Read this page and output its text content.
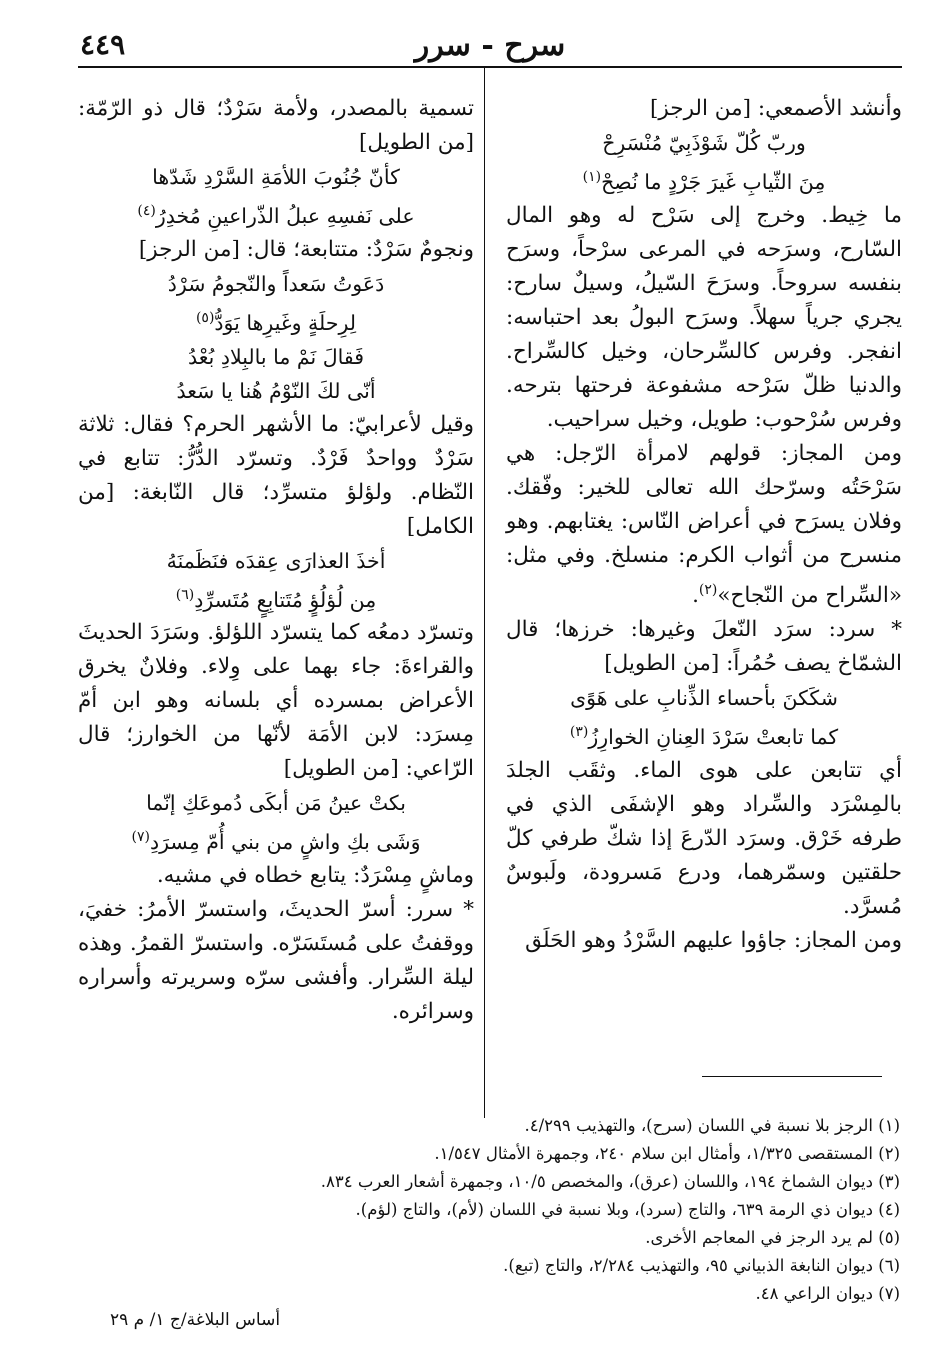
سرح - سرر
٤٤٩

وأنشد الأصمعي: [من الرجز]

وربّ كُلّ شَوْذَبِيّ مُنْسَرِحْ

مِنَ الثّيابِ غَيرَ جَرْدٍ ما نُصِحْ$^{(١)}$

ما خِيط. وخرج إلى سَرْح له وهو المال السّارح، وسرَحه في المرعى سرْحاً، وسرَح بنفسه سروحاً. وسرَحَ السّيلُ، وسيلٌ سارح: يجري جرياً سهلاً. وسرَح البولُ بعد احتباسه: انفجر. وفرس كالسِّرحان، وخيل كالسِّراح. والدنيا ظلّ سَرْحه مشفوعة فرحتها بترحه. وفرس سُرْحوب: طويل، وخيل سراحيب.

ومن المجاز: قولهم لامرأة الرّجل: هي سَرْحَتُه وسرّحك الله تعالى للخير: وفّقك. وفلان يسرَح في أعراض النّاس: يغتابهم. وهو منسرح من أثواب الكرم: منسلخ. وفي مثل: «السِّراح من النّجاح»$^{(٢)}$.

* سرد: سرَد النّعلَ وغيرها: خرزها؛ قال الشمّاخ يصف حُمُراً: [من الطويل]

شكَكنَ بأحساء الذِّنابِ على هَوًى

كما تابعتْ سَرْدَ العِنانِ الخوارِزُ$^{(٣)}$

أي تتابعن على هوى الماء. وثقَب الجلدَ بالمِسْرَد والسِّراد وهو الإشفَى الذي في طرفه خَرْق. وسرَد الدّرعَ إذا شكّ طرفي كلّ حلقتين وسمّرهما، ودرع مَسرودة، ولَبوسٌ مُسرَّد.

ومن المجاز: جاؤوا عليهم السَّرْدُ وهو الحَلَق

تسمية بالمصدر، ولأمة سَرْدٌ؛ قال ذو الرّمّة: [من الطويل]

كأنّ جُنُوبَ اللأمَةِ السَّرْدِ شَدّها

على نَفسِهِ عبلُ الذّراعينِ مُخدِرُ$^{(٤)}$

ونجومٌ سَرْدٌ: متتابعة؛ قال: [من الرجز]

دَعَوتُ سَعداً والنّجومُ سَرْدُ

لِرِحلَةٍ وغَيرِها يَوَدُّ$^{(٥)}$

فَقالَ نَمْ ما بالبِلادِ بُعْدُ

أنّى لكَ النّوْمُ هُنا يا سَعدُ

وقيل لأعرابيّ: ما الأشهر الحرم؟ فقال: ثلاثة سَرْدٌ وواحدٌ فَرْدٌ. وتسرّد الدُّرُّ: تتابع في النّظام. ولؤلؤ متسرِّد؛ قال النّابغة: [من الكامل]

أخذَ العذارَى عِقدَه فنَظَمنَهُ

مِن لُؤلُؤٍ مُتَتابِعٍ مُتَسرِّدِ$^{(٦)}$

وتسرّد دمعُه كما يتسرّد اللؤلؤ. وسَرَدَ الحديثَ والقراءةَ: جاء بهما على وِلاء. وفلانٌ يخرق الأعراض بمسرده أي بلسانه وهو ابن أمّ مِسرَد: لابن الأمَة لأنّها من الخوارز؛ قال الرّاعي: [من الطويل]

بكتْ عينُ مَن أبكَى دُموعَكِ إنّما

وَشَى بكِ واشٍ من بني أُمّ مِسرَدِ$^{(٧)}$

وماشٍ مِسْرَدٌ: يتابع خطاه في مشيه.

* سرر: أسرّ الحديثَ، واستسرّ الأمرُ: خفيَ، ووقفتُ على مُستَسَرّه. واستسرّ القمرُ. وهذه ليلة السِّرار. وأفشى سرّه وسريرته وأسراره وسرائره.

(١) الرجز بلا نسبة في اللسان (سرح)، والتهذيب ٤/٢٩٩.

(٢) المستقصى ١/٣٢٥، وأمثال ابن سلام ٢٤٠، وجمهرة الأمثال ١/٥٤٧.

(٣) ديوان الشماخ ١٩٤، واللسان (عرق)، والمخصص ١٠/٥، وجمهرة أشعار العرب ٨٣٤.

(٤) ديوان ذي الرمة ٦٣٩، والتاج (سرد)، وبلا نسبة في اللسان (لأم)، والتاج (لؤم).

(٥) لم يرد الرجز في المعاجم الأخرى.

(٦) ديوان النابغة الذبياني ٩٥، والتهذيب ٢/٢٨٤، والتاج (تبع).

(٧) ديوان الراعي ٤٨.

أساس البلاغة/ج ١/ م ٢٩
